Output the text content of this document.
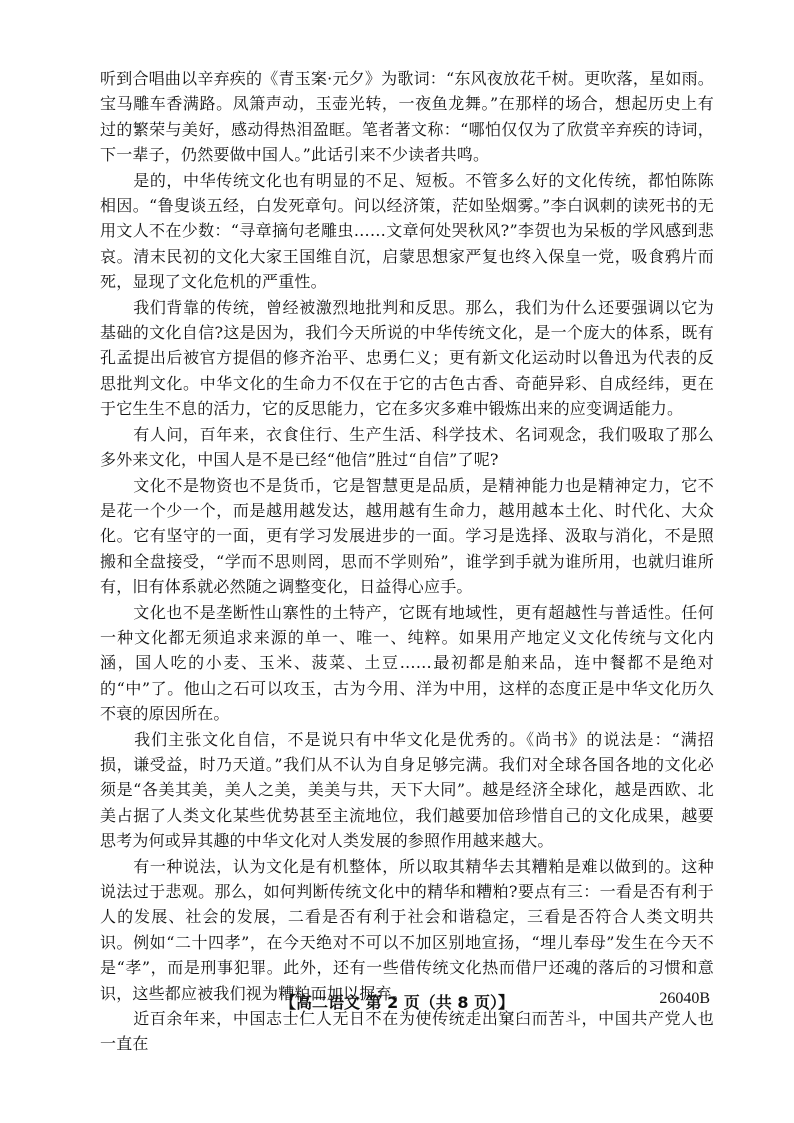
听到合唱曲以辛弃疾的《青玉案·元夕》为歌词：“东风夜放花千树。更吹落，星如雨。宝马雕车香满路。凤箫声动，玉壶光转，一夜鱼龙舞。”在那样的场合，想起历史上有过的繁荣与美好，感动得热泪盈眶。笔者著文称：“哪怕仅仅为了欣赏辛弃疾的诗词，下一辈子，仍然要做中国人。”此话引来不少读者共鸣。

　　是的，中华传统文化也有明显的不足、短板。不管多么好的文化传统，都怕陈陈相因。“鲁叟谈五经，白发死章句。问以经济策，茫如坠烟雾。”李白讽刺的读死书的无用文人不在少数：“寻章摘句老雕虫……文章何处哭秋风?”李贺也为呆板的学风感到悲哀。清末民初的文化大家王国维自沉，启蒙思想家严复也终入保皇一党，吸食鸦片而死，显现了文化危机的严重性。

　　我们背靠的传统，曾经被激烈地批判和反思。那么，我们为什么还要强调以它为基础的文化自信?这是因为，我们今天所说的中华传统文化，是一个庞大的体系，既有孔孟提出后被官方提倡的修齐治平、忠勇仁义；更有新文化运动时以鲁迅为代表的反思批判文化。中华文化的生命力不仅在于它的古色古香、奇葩异彩、自成经纬，更在于它生生不息的活力，它的反思能力，它在多灾多难中锻炼出来的应变调适能力。

　　有人问，百年来，衣食住行、生产生活、科学技术、名词观念，我们吸取了那么多外来文化，中国人是不是已经“他信”胜过“自信”了呢?

　　文化不是物资也不是货币，它是智慧更是品质，是精神能力也是精神定力，它不是花一个少一个，而是越用越发达，越用越有生命力，越用越本土化、时代化、大众化。它有坚守的一面，更有学习发展进步的一面。学习是选择、汲取与消化，不是照搬和全盘接受，“学而不思则罔，思而不学则殆”，谁学到手就为谁所用，也就归谁所有，旧有体系就必然随之调整变化，日益得心应手。

　　文化也不是垄断性山寨性的土特产，它既有地域性，更有超越性与普适性。任何一种文化都无须追求来源的单一、唯一、纯粹。如果用产地定义文化传统与文化内涵，国人吃的小麦、玉米、菠菜、土豆……最初都是舶来品，连中餐都不是绝对的“中”了。他山之石可以攻玉，古为今用、洋为中用，这样的态度正是中华文化历久不衰的原因所在。

　　我们主张文化自信，不是说只有中华文化是优秀的。《尚书》的说法是：“满招损，谦受益，时乃天道。”我们从不认为自身足够完满。我们对全球各国各地的文化必须是“各美其美，美人之美，美美与共，天下大同”。越是经济全球化，越是西欧、北美占据了人类文化某些优势甚至主流地位，我们越要加倍珍惜自己的文化成果，越要思考为何或异其趣的中华文化对人类发展的参照作用越来越大。

　　有一种说法，认为文化是有机整体，所以取其精华去其糟粕是难以做到的。这种说法过于悲观。那么，如何判断传统文化中的精华和糟粕?要点有三：一看是否有利于人的发展、社会的发展，二看是否有利于社会和谐稳定，三看是否符合人类文明共识。例如“二十四孝”，在今天绝对不可以不加区别地宣扬，“埋儿奉母”发生在今天不是“孝”，而是刑事犯罪。此外，还有一些借传统文化热而借尸还魂的落后的习惯和意识，这些都应被我们视为糟粕而加以摒弃。

　　近百余年来，中国志士仁人无日不在为使传统走出窠臼而苦斗，中国共产党人也一直在

【高二语文 第 2 页（共 8 页）】	26040B
